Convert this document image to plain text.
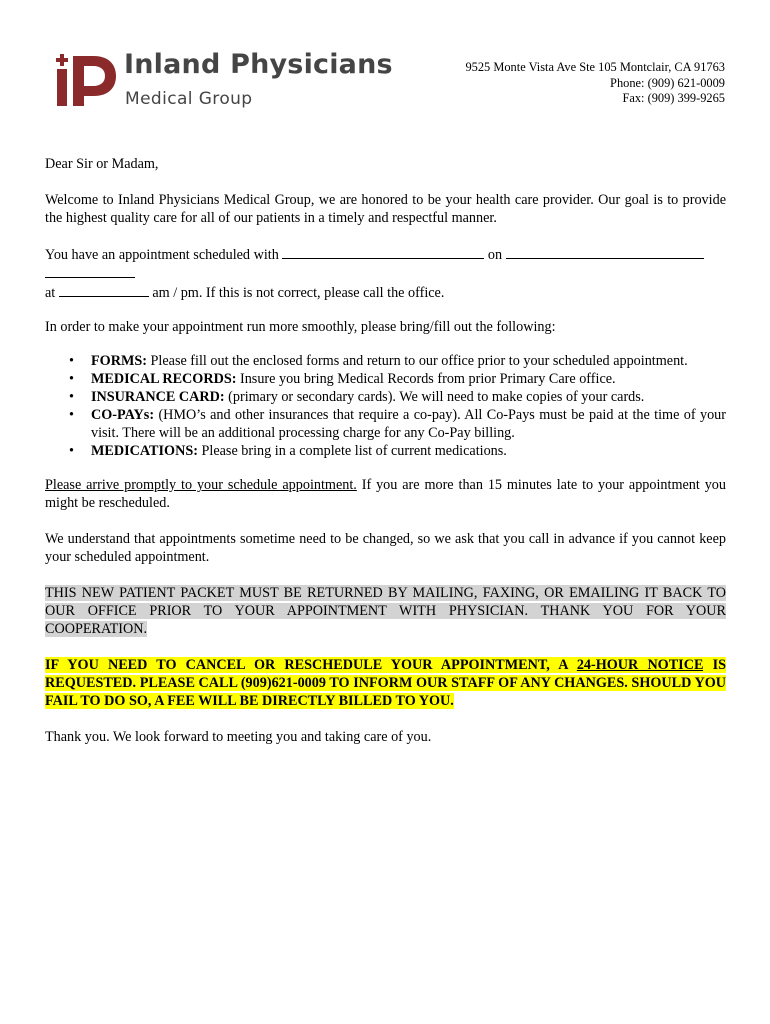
Inland Physicians
Medical Group
9525 Monte Vista Ave Ste 105 Montclair, CA 91763
Phone: (909) 621-0009
Fax: (909) 399-9265

Dear Sir or Madam,

Welcome to Inland Physicians Medical Group, we are honored to be your health care provider. Our goal is to provide the highest quality care for all of our patients in a timely and respectful manner.

You have an appointment scheduled with	on

at	am / pm. If this is not correct, please call the office.

In order to make your appointment run more smoothly, please bring/fill out the following:

• FORMS: Please fill out the enclosed forms and return to our office prior to your scheduled appointment.
• MEDICAL RECORDS: Insure you bring Medical Records from prior Primary Care office.
• INSURANCE CARD: (primary or secondary cards). We will need to make copies of your cards.
• CO-PAYs: (HMO’s and other insurances that require a co-pay). All Co-Pays must be paid at the time of your visit. There will be an additional processing charge for any Co-Pay billing.
• MEDICATIONS: Please bring in a complete list of current medications.

Please arrive promptly to your schedule appointment. If you are more than 15 minutes late to your appointment you might be rescheduled.

We understand that appointments sometime need to be changed, so we ask that you call in advance if you cannot keep your scheduled appointment.

THIS NEW PATIENT PACKET MUST BE RETURNED BY MAILING, FAXING, OR EMAILING IT BACK TO OUR OFFICE PRIOR TO YOUR APPOINTMENT WITH PHYSICIAN. THANK YOU FOR YOUR COOPERATION.

IF YOU NEED TO CANCEL OR RESCHEDULE YOUR APPOINTMENT, A 24-HOUR NOTICE IS REQUESTED. PLEASE CALL (909)621-0009 TO INFORM OUR STAFF OF ANY CHANGES. SHOULD YOU FAIL TO DO SO, A FEE WILL BE DIRECTLY BILLED TO YOU.

Thank you. We look forward to meeting you and taking care of you.
